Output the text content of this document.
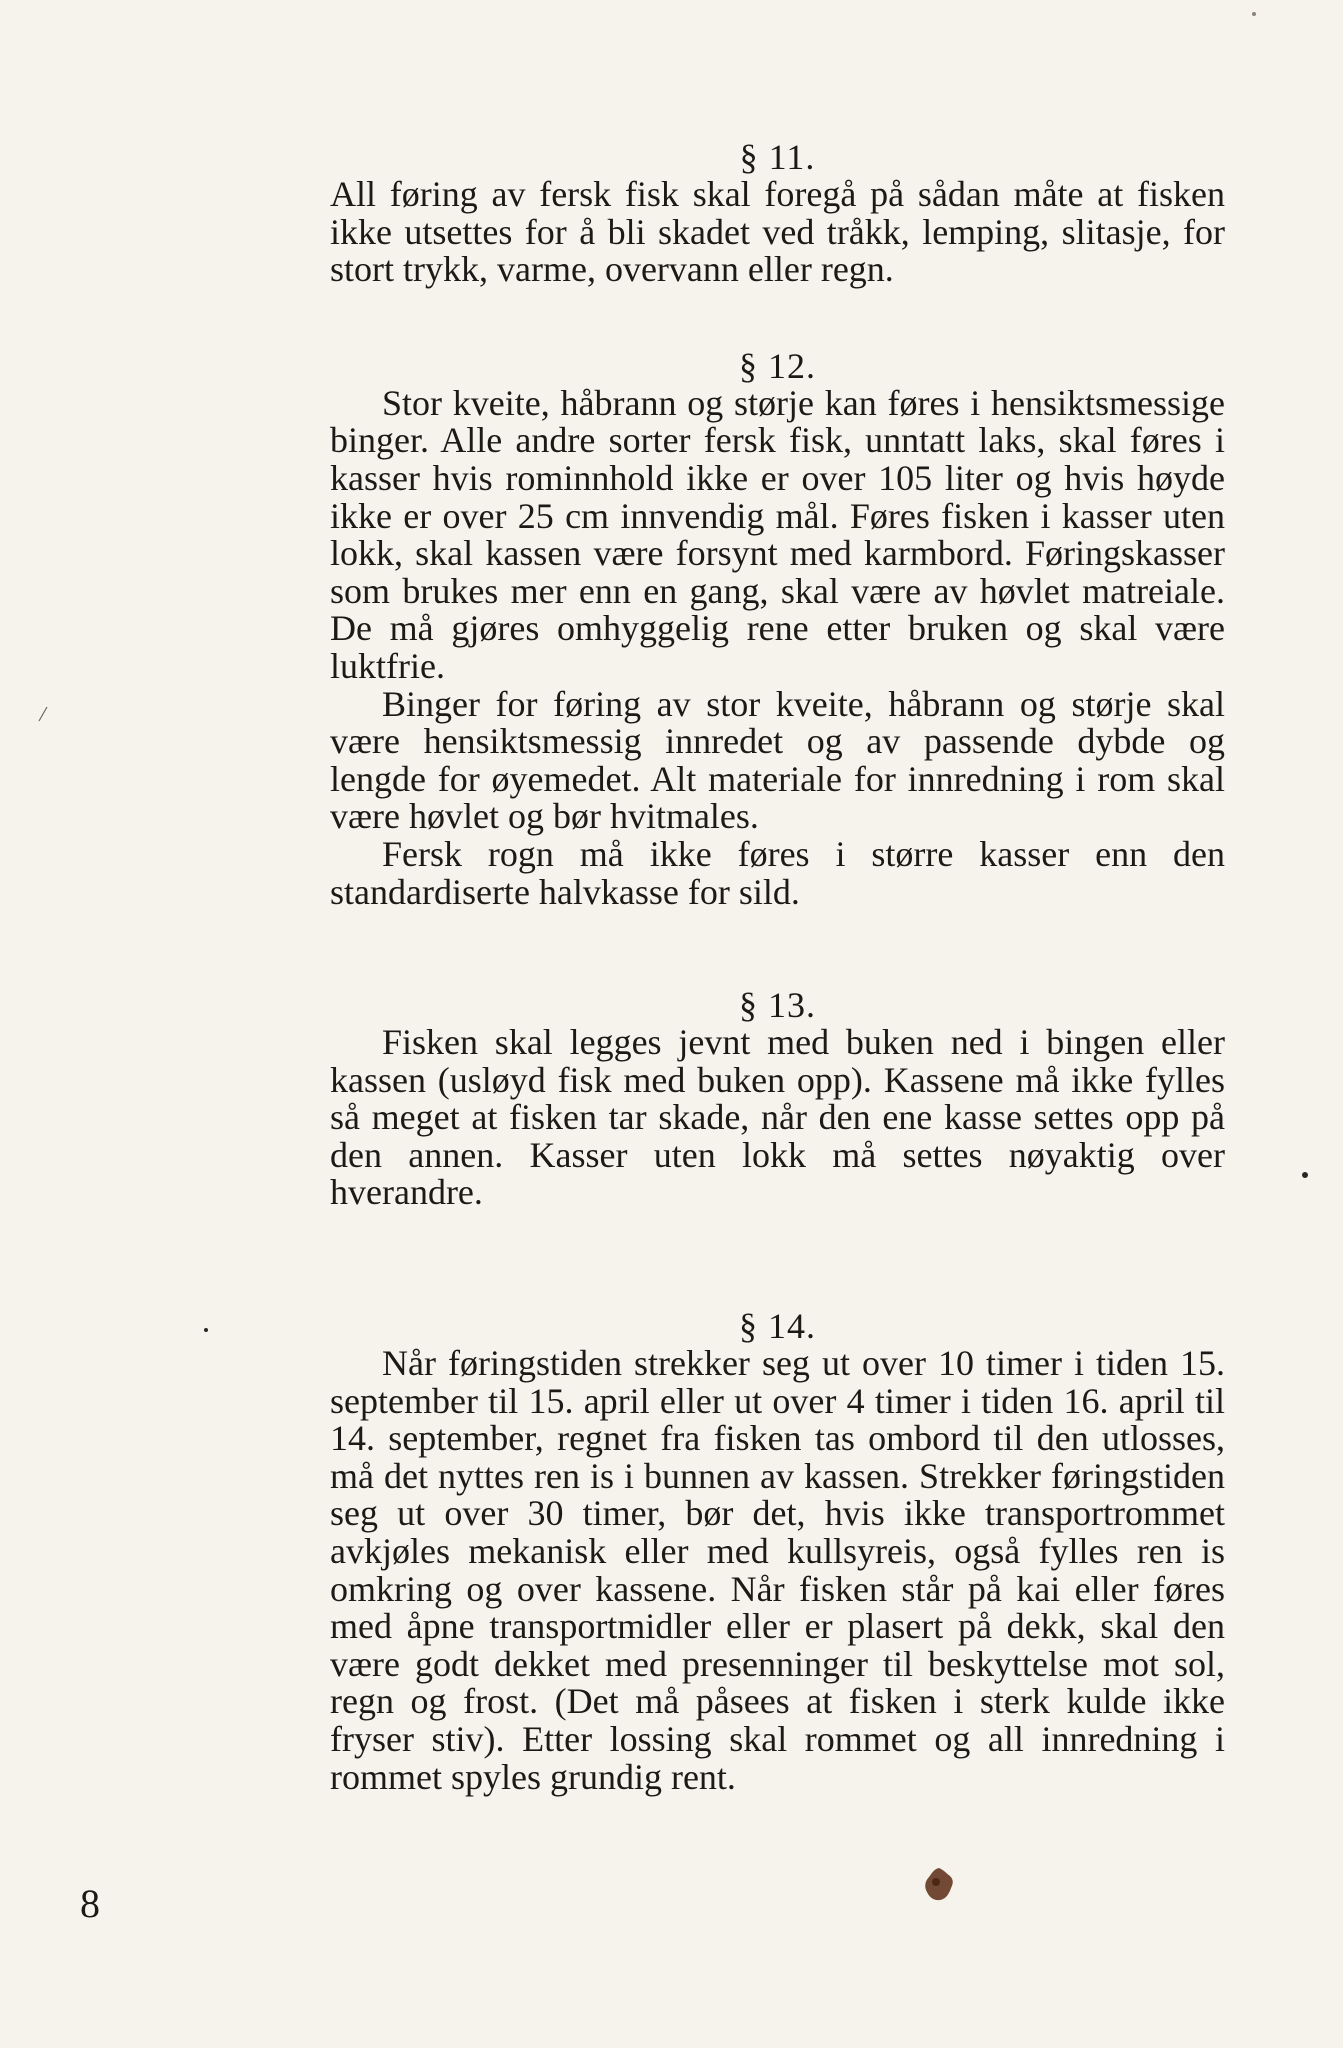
§ 11.

All føring av fersk fisk skal foregå på sådan måte at fisken ikke utsettes for å bli skadet ved tråkk, lemping, slitasje, for stort trykk, varme, overvann eller regn.

§ 12.

Stor kveite, håbrann og størje kan føres i hensiktsmessige binger. Alle andre sorter fersk fisk, unntatt laks, skal føres i kasser hvis rominnhold ikke er over 105 liter og hvis høyde ikke er over 25 cm innvendig mål. Føres fisken i kasser uten lokk, skal kassen være forsynt med karmbord. Føringskasser som brukes mer enn en gang, skal være av høvlet matreiale. De må gjøres omhyggelig rene etter bruken og skal være luktfrie.

Binger for føring av stor kveite, håbrann og størje skal være hensiktsmessig innredet og av passende dybde og lengde for øyemedet. Alt materiale for innredning i rom skal være høvlet og bør hvitmales.

Fersk rogn må ikke føres i større kasser enn den standardiserte halvkasse for sild.

§ 13.

Fisken skal legges jevnt med buken ned i bingen eller kassen (usløyd fisk med buken opp). Kassene må ikke fylles så meget at fisken tar skade, når den ene kasse settes opp på den annen. Kasser uten lokk må settes nøyaktig over hverandre.

§ 14.

Når føringstiden strekker seg ut over 10 timer i tiden 15. september til 15. april eller ut over 4 timer i tiden 16. april til 14. september, regnet fra fisken tas ombord til den utlosses, må det nyttes ren is i bunnen av kassen. Strekker føringstiden seg ut over 30 timer, bør det, hvis ikke transportrommet avkjøles mekanisk eller med kullsyreis, også fylles ren is omkring og over kassene. Når fisken står på kai eller føres med åpne transportmidler eller er plasert på dekk, skal den være godt dekket med presenninger til beskyttelse mot sol, regn og frost. (Det må påsees at fisken i sterk kulde ikke fryser stiv). Etter lossing skal rommet og all innredning i rommet spyles grundig rent.

8
